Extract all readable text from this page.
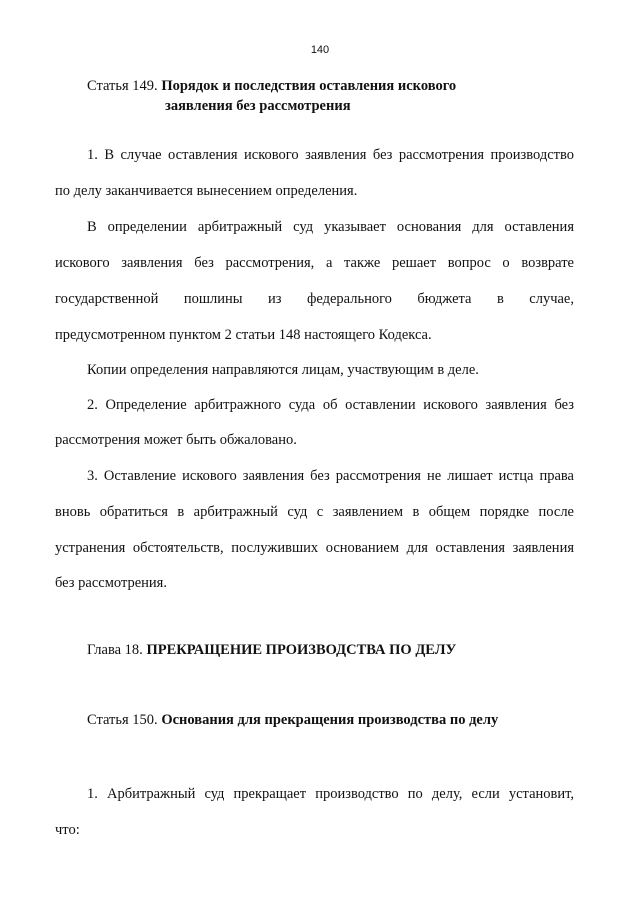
140
Статья 149. Порядок и последствия оставления искового
заявления без рассмотрения
1. В случае оставления искового заявления без рассмотрения производство
по делу заканчивается вынесением определения.
В определении арбитражный суд указывает основания для оставления
искового заявления без рассмотрения, а также решает вопрос о возврате
государственной пошлины из федерального бюджета в случае,
предусмотренном пунктом 2 статьи 148 настоящего Кодекса.
Копии определения направляются лицам, участвующим в деле.
2. Определение арбитражного суда об оставлении искового заявления без
рассмотрения может быть обжаловано.
3. Оставление искового заявления без рассмотрения не лишает истца права
вновь обратиться в арбитражный суд с заявлением в общем порядке после
устранения обстоятельств, послуживших основанием для оставления заявления
без рассмотрения.
Глава 18. ПРЕКРАЩЕНИЕ ПРОИЗВОДСТВА ПО ДЕЛУ
Статья 150. Основания для прекращения производства по делу
1. Арбитражный суд прекращает производство по делу, если установит,
что:
